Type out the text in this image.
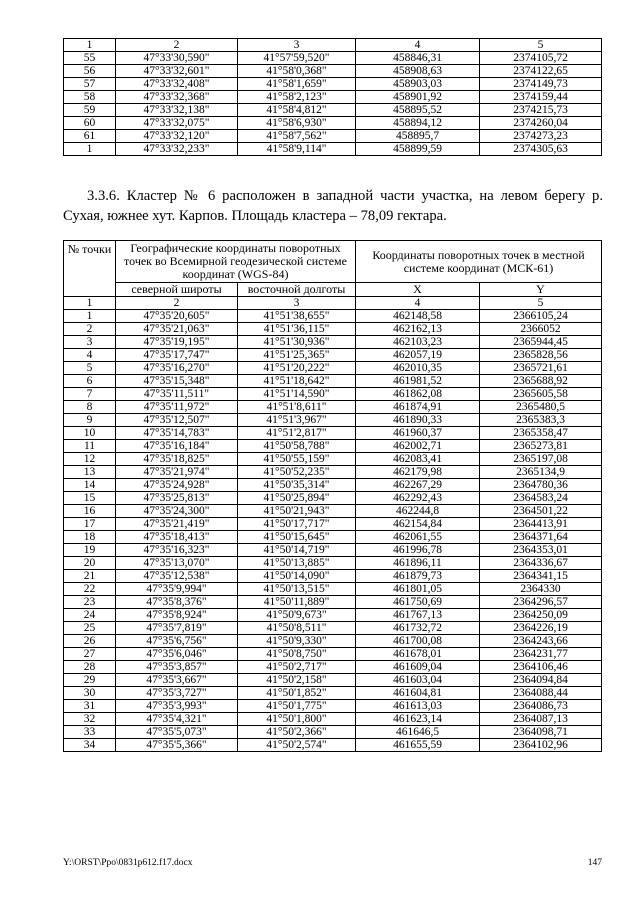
1	2	3	4	5
55	47°33'30,590"	41°57'59,520"	458846,31	2374105,72
56	47°33'32,601"	41°58'0,368"	458908,63	2374122,65
57	47°33'32,408"	41°58'1,659"	458903,03	2374149,73
58	47°33'32,368"	41°58'2,123"	458901,92	2374159,44
59	47°33'32,138"	41°58'4,812"	458895,52	2374215,73
60	47°33'32,075"	41°58'6,930"	458894,12	2374260,04
61	47°33'32,120"	41°58'7,562"	458895,7	2374273,23
1	47°33'32,233"	41°58'9,114"	458899,59	2374305,63
3.3.6. Кластер № 6 расположен в западной части участка, на левом берегу р. Сухая, южнее хут. Карпов. Площадь кластера – 78,09 гектара.
№ точки	Географические координаты поворотных точек во Всемирной геодезической системе координат (WGS-84)		Координаты поворотных точек в местной системе координат (МСК-61)	
	северной широты	восточной долготы	X	Y
1	2	3	4	5
1	47°35'20,605"	41°51'38,655"	462148,58	2366105,24
2	47°35'21,063"	41°51'36,115"	462162,13	2366052
3	47°35'19,195"	41°51'30,936"	462103,23	2365944,45
4	47°35'17,747"	41°51'25,365"	462057,19	2365828,56
5	47°35'16,270"	41°51'20,222"	462010,35	2365721,61
6	47°35'15,348"	41°51'18,642"	461981,52	2365688,92
7	47°35'11,511"	41°51'14,590"	461862,08	2365605,58
8	47°35'11,972"	41°51'8,611"	461874,91	2365480,5
9	47°35'12,507"	41°51'3,967"	461890,33	2365383,3
10	47°35'14,783"	41°51'2,817"	461960,37	2365358,47
11	47°35'16,184"	41°50'58,788"	462002,71	2365273,81
12	47°35'18,825"	41°50'55,159"	462083,41	2365197,08
13	47°35'21,974"	41°50'52,235"	462179,98	2365134,9
14	47°35'24,928"	41°50'35,314"	462267,29	2364780,36
15	47°35'25,813"	41°50'25,894"	462292,43	2364583,24
16	47°35'24,300"	41°50'21,943"	462244,8	2364501,22
17	47°35'21,419"	41°50'17,717"	462154,84	2364413,91
18	47°35'18,413"	41°50'15,645"	462061,55	2364371,64
19	47°35'16,323"	41°50'14,719"	461996,78	2364353,01
20	47°35'13,070"	41°50'13,885"	461896,11	2364336,67
21	47°35'12,538"	41°50'14,090"	461879,73	2364341,15
22	47°35'9,994"	41°50'13,515"	461801,05	2364330
23	47°35'8,376"	41°50'11,889"	461750,69	2364296,57
24	47°35'8,924"	41°50'9,673"	461767,13	2364250,09
25	47°35'7,819"	41°50'8,511"	461732,72	2364226,19
26	47°35'6,756"	41°50'9,330"	461700,08	2364243,66
27	47°35'6,046"	41°50'8,750"	461678,01	2364231,77
28	47°35'3,857"	41°50'2,717"	461609,04	2364106,46
29	47°35'3,667"	41°50'2,158"	461603,04	2364094,84
30	47°35'3,727"	41°50'1,852"	461604,81	2364088,44
31	47°35'3,993"	41°50'1,775"	461613,03	2364086,73
32	47°35'4,321"	41°50'1,800"	461623,14	2364087,13
33	47°35'5,073"	41°50'2,366"	461646,5	2364098,71
34	47°35'5,366"	41°50'2,574"	461655,59	2364102,96
Y:\ORST\Ppo\0831p612.f17.docx	147
